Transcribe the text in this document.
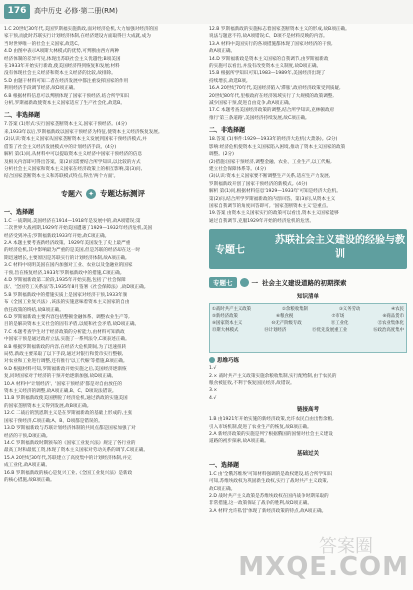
176	高中历史 必修·第二册(RM)

1.C 20世纪30年代,美国罗斯福实施新政,面对经济危机,大力加强对经济的国

家干预,而此时苏联实行计划经济体制,在经济建设方面取得巨大成就,成为

当时世界唯一的社会主义国家,故选C。

4.D 由图中表示A项斯大林模式的优势,可判断由西方两种

经济体制的差异可见,体现出苏联社会主义优越性;B项美国

在1933年开始实行新政,使美国经济得到恢复和发展;材料

没有体现社会主义经济和资本主义经济的比较,故排除。

5.D 由题干材料可知二者在经济发展中都注重发挥国家的作用

利用经济手段调节经济,故D项正确。

6.B 根据材料信息可以判断体现了国家干预经济,结合所学知识

分析,罗斯福新政使资本主义国家适应了生产社会化,故选B。

二、非选择题

7.答案 (1)形式:实行国家垄断资本主义,国家干预经济。(4分)

来,1933年以后,罗斯福新政以国家干预经济为特征,使资本主义经济恢复发展。

(2)认识:资本主义国家从国家垄断资本主义发展到国家干预经济模式,并

借鉴了社会主义经济发展模式中的计划经济手段。(4分)

解析 第(1)问,从材料中可以提取资本主义经济中国家干预经济的信息

及相关内容即可得出答案。第(2)问需要结合所学知识,以比较的方式

分析社会主义国家和资本主义国家在经济政策上的相互影响,第(3)问,

结合国家垄断资本主义和苏联模式特点,得出'两个方面'。

专题六 ✦ 专题达标测评
一、选择题

1.C 一战期间,美国经济在1914—1918年是发展中的,故A项错误;第

二次世界大战初期,1929年开始美国遭遇了1929—1932年经济危机,美国

经济受到冲击;罗斯福新政1933年开始,故C项正确。

2.A 本题主要考查新经济政策。1929年美国发生了史上最严重

的经济危机,其中影响最为严重的是美国,但是苏联的经济却在这一时

期迅速增长,主要原因是苏联实行的计划经济体制,故A项正确。

3.C 材料中说明美国在国内加强对工业、农业以及金融业的国家

干预,旨在恢复经济,1933年罗斯福新政中的措施,C项正确。

4.D 罗斯福新政第二阶段,1935年开始实施,包括了'社会保障

法'、'全国劳工关系法'等,1935年8月签署《社会保障法》,故D项正确。

5.B 罗斯福新政中的措施实质上是国家对经济干预,1933年颁

布《全国工业复兴法》,该法的实施意味着资本主义国家的自由

放任政策的终结,故B项正确。

6.D 罗斯福新政主要内容包括整顿金融体系、调整农业生产等,

目的是解决资本主义社会的固有矛盾,以缓和社会矛盾,故D项正确。

7.C 本题考查学生对于经济政策的分析能力,由材料可知新政

中国家干预是通过政府立法,实施了一系列法令,C项表述正确。

8.B 根据罗斯福新政的内容,在经济大危机期间,为了迅速扭转

局势,新政主要采取了以下手段,通过对银行和货币实行整顿,

对农业和工业进行调整,还有推行'以工代赈'等措施,B项正确。

9.D 根据材料可知,罗斯福新政开始实施之后,美国经济逐渐恢

复,同时国家对于经济的干预开始逐渐加强,故D项正确。

10.A 材料中'计划经济'、'国家干预经济'都是对自由放任的

资本主义经济的调整,故A项正确,B、C、D项说法错误。

11.B 罗斯福新政使美国摆脱了经济危机,通过新政的实施美国

的国家垄断资本主义得到发展,故B项正确。

12.C 二战后的凯恩斯主义是在罗斯福新政的基础上形成的,主张

国家干预经济,C项正确;A、B、D项都是错误的。

13.D 罗斯福新政与苏联计划经济体制的共同点都是国家加强了对

经济的干预,D项正确。

14.C 罗斯福新政时期颁布的《国家工业复兴法》规定了各行业的

最高工时和最低工资,体现了资本主义国家对劳动关系的调节,C项正确。

15.A 20世纪30年代,苏联建立了高度集中的计划经济体制,并完

成工业化,故A项正确。

16.B 罗斯福新政的核心是复兴工业,《全国工业复兴法》是新政

的核心措施,故B项正确。

12.B 罗斯福新政的实施标志着国家垄断资本主义的形成,故B项正确。

说法与题意不符,故A项错误;C、D项不是材料反映的内容。

13.A 材料中美国实行的各项措施都体现了国家对经济的干预,

故A项正确。

14.D 罗斯福新政是资本主义国家的自我调节,由罗斯福新政

的实施可以看出,并没有改变资本主义制度,故D项正确。

15.B 根据所学知识可知,1983—1989年,美国经济出现了

持续增长,故选B项。

16.A 20世纪70年代,美国经济陷入'滞胀',政府经济政策受到质疑,

20世纪80年代,里根政府在经济领域实行了大规模的政策调整,

减少国家干预,促进自由竞争,故A项正确。

17.C 本题考查美国经济政策的调整,结合所学知识,克林顿政府

推行'第三条道路',美国经济持续发展,故C项正确。

二、非选择题

18.答案 (1)事件:1929—1933年的经济大危机(大萧条)。(2分)

影响:经济危机使资本主义国家陷入困境,推动了资本主义国家的政策

调整。(2分)

(2)措施:国家干预经济,调整金融、农业、工业生产,以工代赈,

建立社会保障体系等。(4分)

(3)认识:资本主义国家要不断调整生产关系,适应生产力发展,

罗斯福新政开创了国家干预经济的新模式。(4分)

解析 第(1)问,根据材料信息'1929—1933年'可知是经济大危机。

第(2)问,结合所学罗斯福新政的内容回答。第(3)问,从资本主义

国家自我调节的角度回答即可。'国家垄断资本主义'是重点。

19.答案 由资本主义国家实行的政策可以看出,资本主义国家能够

通过自我调节,克服1929年开始的经济危机的危害。

专题七
苏联社会主义建设的经验与教训
专题七	一 社会主义建设道路的初期探索
知识清单
①战时共产主义政策	②余粮收集制	③义务劳动	④农民
⑤新经济政策	⑥粮食税	⑦市场	⑧商品货币
⑨国家资本主义	⑩无产阶级专政	⑪工业化	⑫农业集体化
⑬斯大林模式	⑭计划经济	⑮优先发展重工业	⑯政治高度集中
思维巧练

1.√

2.× 战时共产主义政策实施余粮收集制,实行配给制,由于农民的

粮食被征收,不利于恢复国民经济,故错误。

3.×

4.√

链接高考

1.B 由1921年开始实施的新经济政策,允许农民自由出售余粮,

引入市场机制,促进了农业生产的恢复,故B项正确。

2.A 新经济政策的实施是列宁根据俄国的国情对社会主义建设

道路的初步探索,故A项正确。

基础过关
一、选择题

1.C 由'全俄苏维埃'可知材料强调的是政权建设,结合所学知识

可知,苏维埃政权为巩固新生政权,实行了战时共产主义政策,

故C项正确。

2.D 战时共产主义政策是苏维埃政权在国内战争时期采取的

非常措施,这一政策保证了战争的胜利,故D项正确。

3.A 材料'允许私营'体现了新经济政策的特点,故A项正确。

答案圈
MXQE.COM
